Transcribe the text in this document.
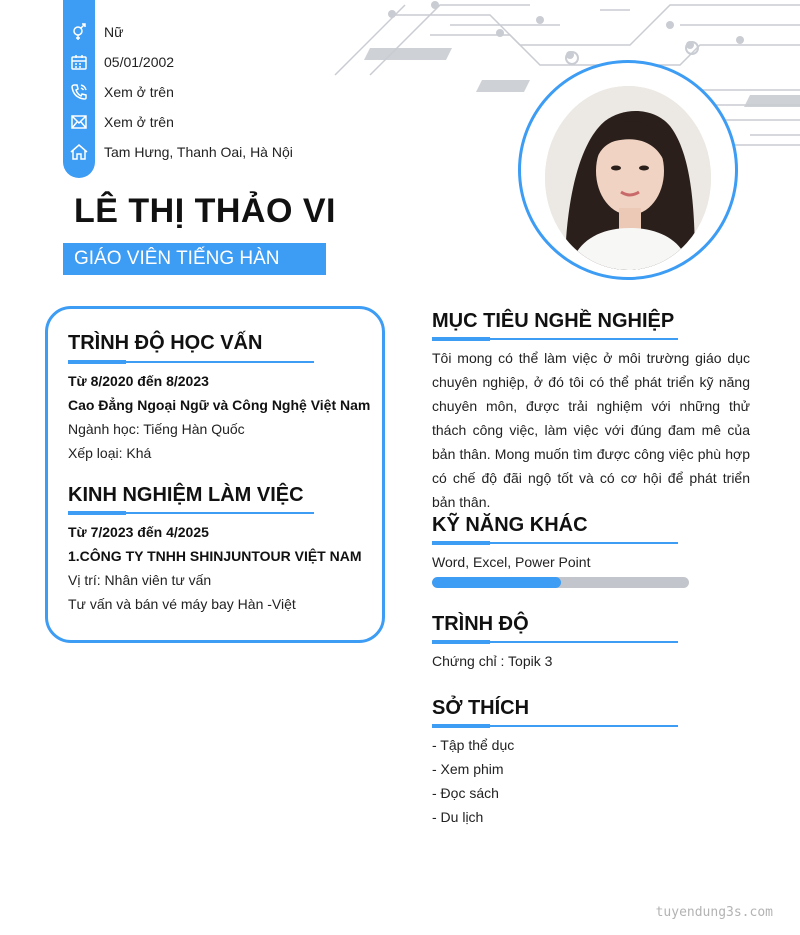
Nữ
05/01/2002
Xem ở trên
Xem ở trên
Tam Hưng, Thanh Oai, Hà Nội
LÊ THỊ THẢO VI
GIÁO VIÊN TIẾNG HÀN
TRÌNH ĐỘ HỌC VẤN
Từ 8/2020 đến 8/2023
Cao Đẳng Ngoại Ngữ và Công Nghệ Việt Nam
Ngành học: Tiếng Hàn Quốc
Xếp loại: Khá
KINH NGHIỆM LÀM VIỆC
Từ 7/2023 đến 4/2025
1.CÔNG TY TNHH SHINJUNTOUR VIỆT NAM
Vị trí: Nhân viên tư vấn
Tư vấn và bán vé máy bay Hàn -Việt
MỤC TIÊU NGHỀ NGHIỆP

Tôi mong có thể làm việc ở môi trường giáo dục chuyên nghiệp, ở đó tôi có thể phát triển kỹ năng chuyên môn, được trải nghiệm với những thử thách công việc, làm việc với đúng đam mê của bản thân. Mong muốn tìm được công việc phù hợp có chế độ đãi ngộ tốt và có cơ hội để phát triển bản thân.

KỸ NĂNG KHÁC
Word, Excel, Power Point
TRÌNH ĐỘ
Chứng chỉ : Topik 3
SỞ THÍCH
- Tập thể dục
- Xem phim
- Đọc sách
- Du lịch
tuyendung3s.com
